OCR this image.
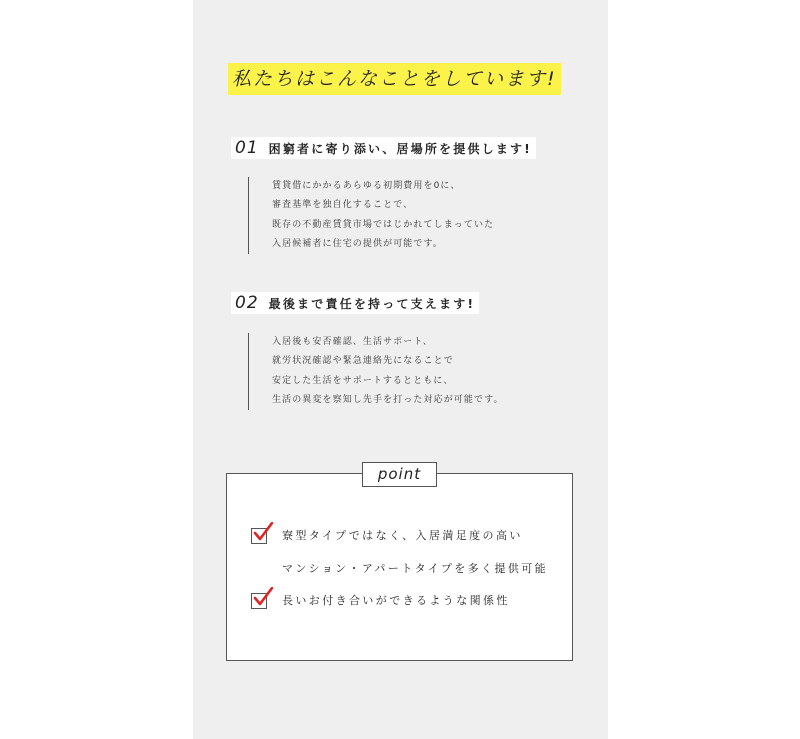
私たちはこんなことをしています!
01 困窮者に寄り添い、居場所を提供します!
賃貸借にかかるあらゆる初期費用を0に、
審査基準を独自化することで、
既存の不動産賃貸市場ではじかれてしまっていた
入居候補者に住宅の提供が可能です。
02 最後まで責任を持って支えます!
入居後も安否確認、生活サポート、
就労状況確認や緊急連絡先になることで
安定した生活をサポートするとともに、
生活の異変を察知し先手を打った対応が可能です。
point
寮型タイプではなく、入居満足度の高い
マンション・アパートタイプを多く提供可能
長いお付き合いができるような関係性
